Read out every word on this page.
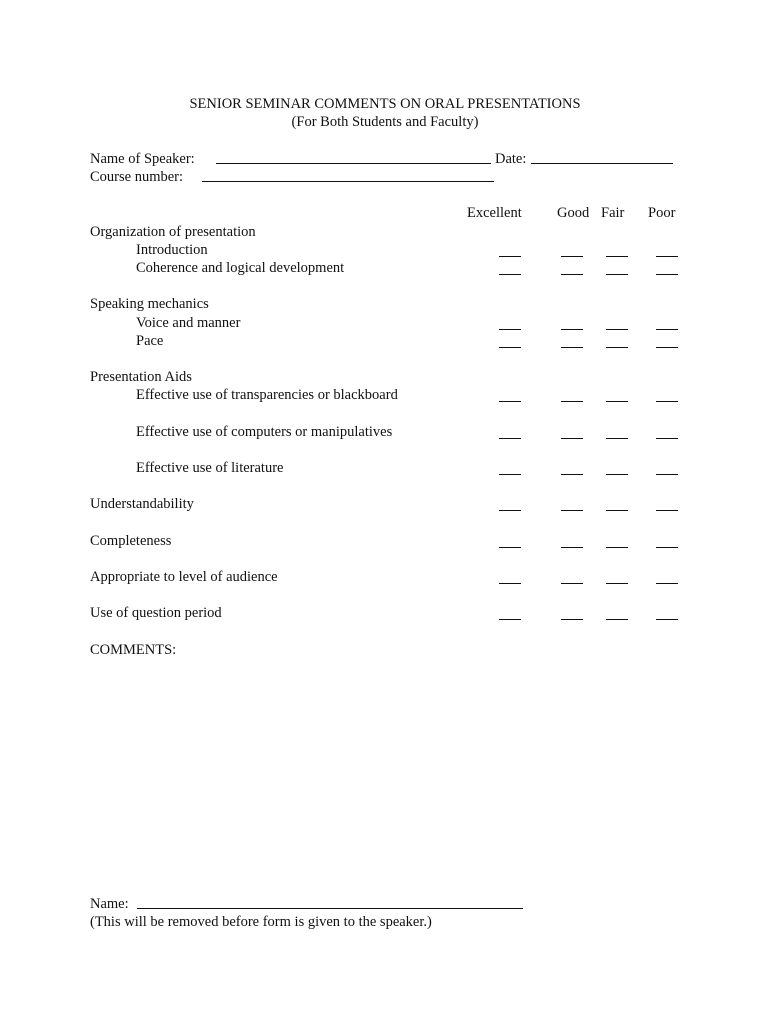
SENIOR SEMINAR COMMENTS ON ORAL PRESENTATIONS
(For Both Students and Faculty)
Name of Speaker:	Date:
Course number:
Excellent Good Fair Poor
Organization of presentation
Introduction
Coherence and logical development
Speaking mechanics
Voice and manner
Pace
Presentation Aids
Effective use of transparencies or blackboard
Effective use of computers or manipulatives
Effective use of literature
Understandability
Completeness
Appropriate to level of audience
Use of question period
COMMENTS:
Name:
(This will be removed before form is given to the speaker.)
